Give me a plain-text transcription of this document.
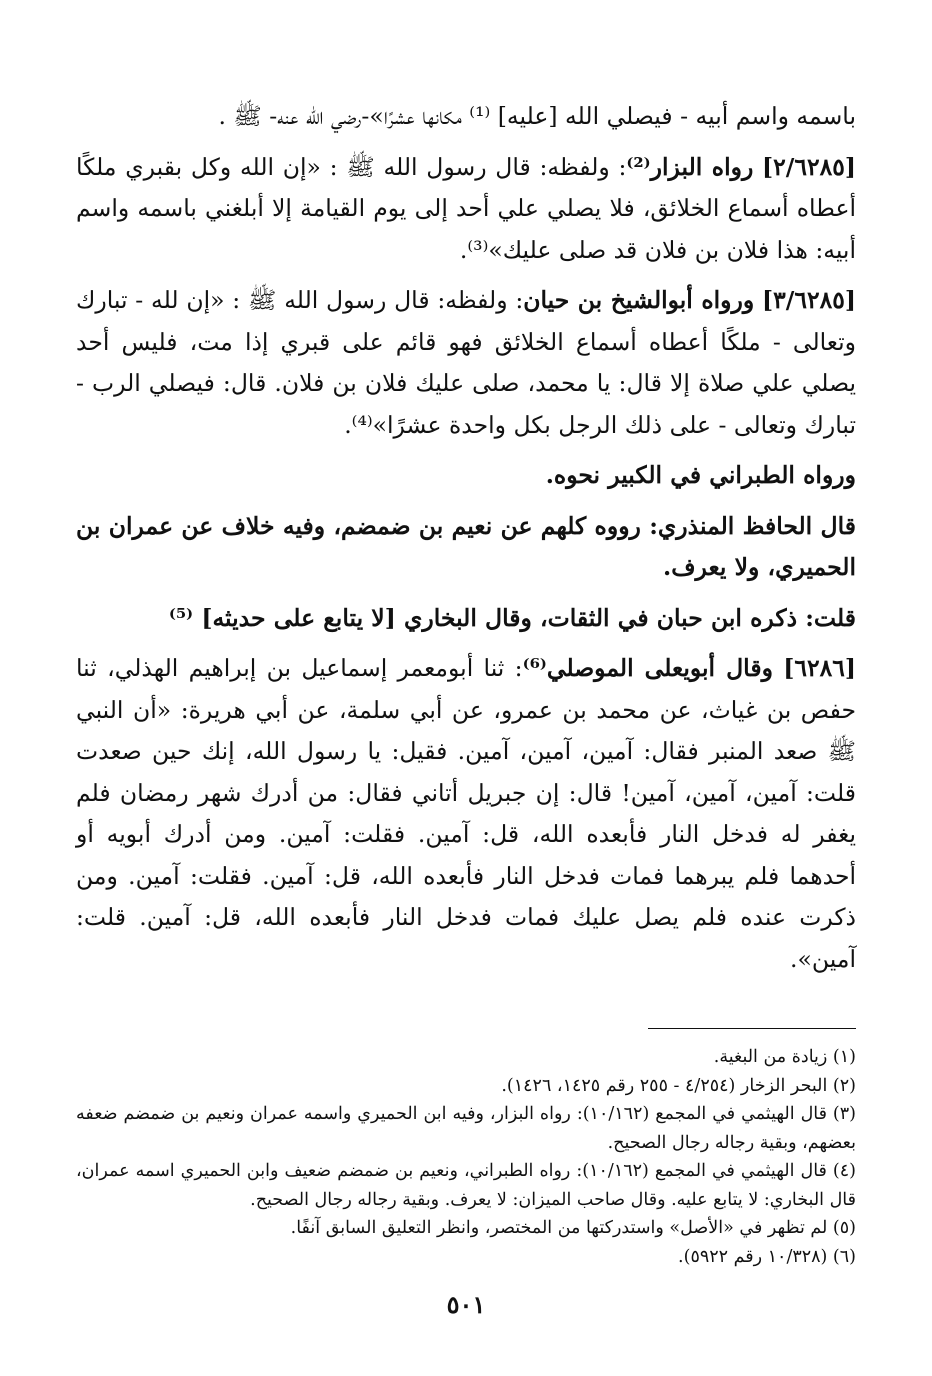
باسمه واسم أبيه - فيصلي الله [عليه] ⁽¹⁾ مكانها عشرًا»-رضي الله عنه- ﷺ .

[٢/٦٢٨٥] رواه البزار⁽²⁾: ولفظه: قال رسول الله ﷺ : «إن الله وكل بقبري ملكًا أعطاه أسماع الخلائق، فلا يصلي علي أحد إلى يوم القيامة إلا أبلغني باسمه واسم أبيه: هذا فلان بن فلان قد صلى عليك»⁽³⁾.

[٣/٦٢٨٥] ورواه أبوالشيخ بن حيان: ولفظه: قال رسول الله ﷺ : «إن لله - تبارك وتعالى - ملكًا أعطاه أسماع الخلائق فهو قائم على قبري إذا مت، فليس أحد يصلي علي صلاة إلا قال: يا محمد، صلى عليك فلان بن فلان. قال: فيصلي الرب - تبارك وتعالى - على ذلك الرجل بكل واحدة عشرًا»⁽⁴⁾.

ورواه الطبراني في الكبير نحوه.

قال الحافظ المنذري: رووه كلهم عن نعيم بن ضمضم، وفيه خلاف عن عمران بن الحميري، ولا يعرف.

قلت: ذكره ابن حبان في الثقات، وقال البخاري [لا يتابع على حديثه] ⁽⁵⁾

[٦٢٨٦] وقال أبويعلى الموصلي⁽⁶⁾: ثنا أبومعمر إسماعيل بن إبراهيم الهذلي، ثنا حفص بن غياث، عن محمد بن عمرو، عن أبي سلمة، عن أبي هريرة: «أن النبي ﷺ صعد المنبر فقال: آمين، آمين، آمين. فقيل: يا رسول الله، إنك حين صعدت قلت: آمين، آمين، آمين! قال: إن جبريل أتاني فقال: من أدرك شهر رمضان فلم يغفر له فدخل النار فأبعده الله، قل: آمين. فقلت: آمين. ومن أدرك أبويه أو أحدهما فلم يبرهما فمات فدخل النار فأبعده الله، قل: آمين. فقلت: آمين. ومن ذكرت عنده فلم يصل عليك فمات فدخل النار فأبعده الله، قل: آمين. قلت: آمين».

(١) زيادة من البغية.

(٢) البحر الزخار (٤/٢٥٤ - ٢٥٥ رقم ١٤٢٥، ١٤٢٦).

(٣) قال الهيثمي في المجمع (١٠/١٦٢): رواه البزار، وفيه ابن الحميري واسمه عمران ونعيم بن ضمضم ضعفه بعضهم، وبقية رجاله رجال الصحيح.

(٤) قال الهيثمي في المجمع (١٠/١٦٢): رواه الطبراني، ونعيم بن ضمضم ضعيف وابن الحميري اسمه عمران، قال البخاري: لا يتابع عليه. وقال صاحب الميزان: لا يعرف. وبقية رجاله رجال الصحيح.

(٥) لم تظهر في «الأصل» واستدركتها من المختصر، وانظر التعليق السابق آنفًا.

(٦) (١٠/٣٢٨ رقم ٥٩٢٢).

٥٠١
